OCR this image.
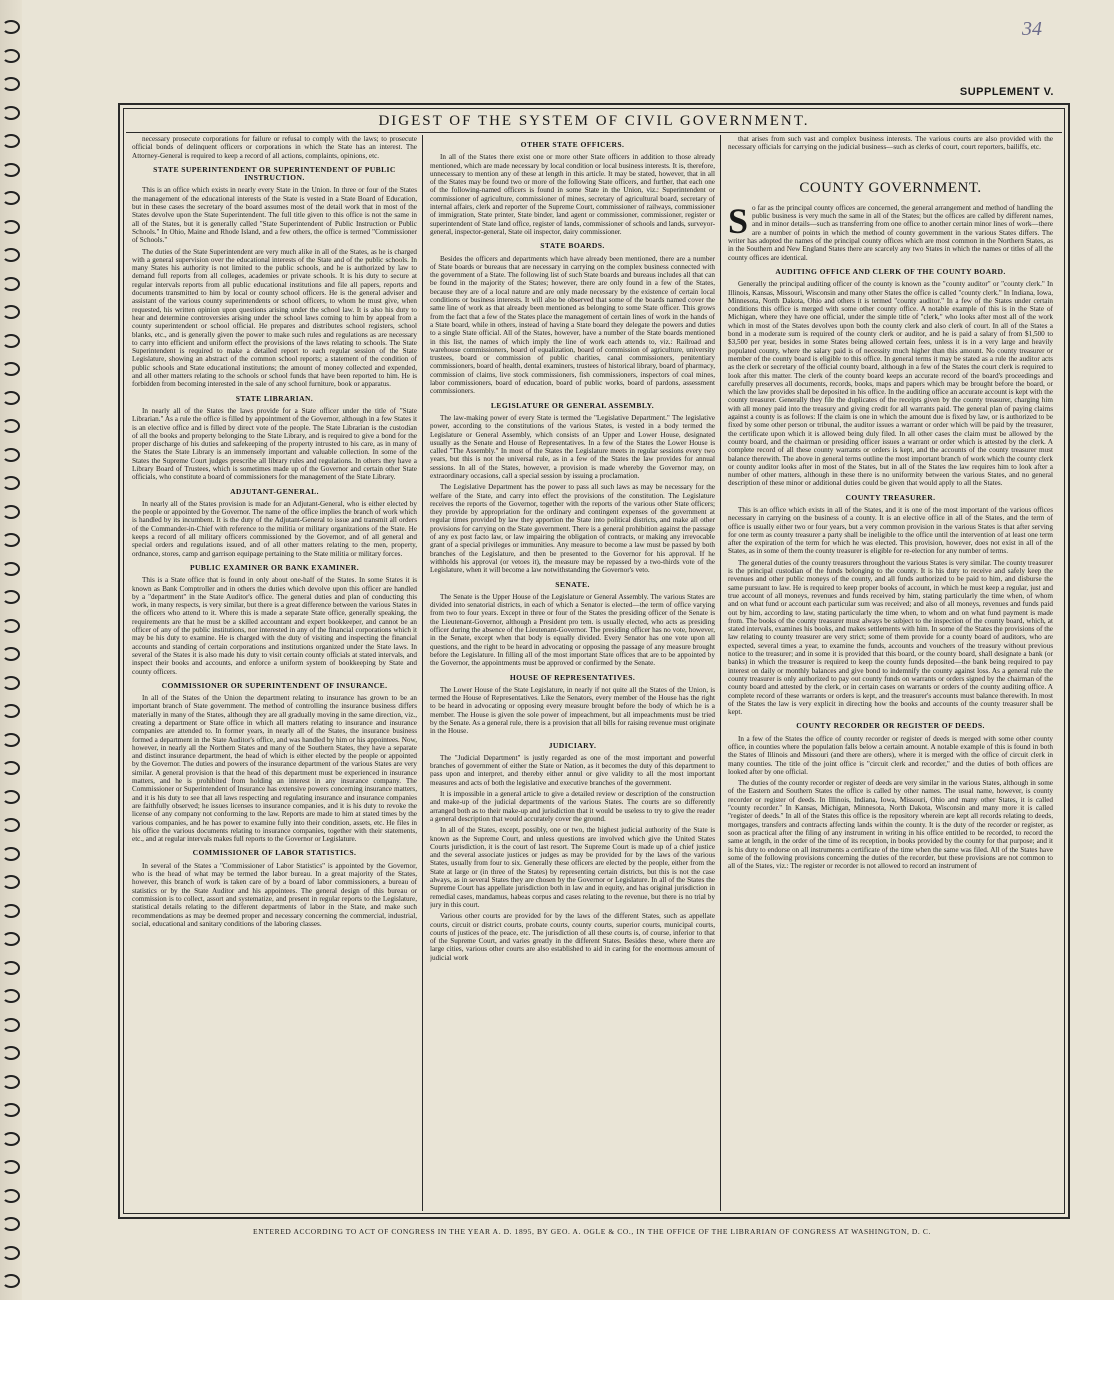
34
SUPPLEMENT V.
DIGEST OF THE SYSTEM OF CIVIL GOVERNMENT.

necessary prosecute corporations for failure or refusal to comply with the laws; to prosecute official bonds of delinquent officers or corporations in which the State has an interest. The Attorney-General is required to keep a record of all actions, complaints, opinions, etc.

STATE SUPERINTENDENT OR SUPERINTENDENT OF PUBLIC INSTRUCTION.

This is an office which exists in nearly every State in the Union. In three or four of the States the management of the educational interests of the State is vested in a State Board of Education, but in these cases the secretary of the board assumes most of the detail work that in most of the States devolve upon the State Superintendent. The full title given to this office is not the same in all of the States, but it is generally called "State Superintendent of Public Instruction or Public Schools." In Ohio, Maine and Rhode Island, and a few others, the office is termed "Commissioner of Schools."

The duties of the State Superintendent are very much alike in all of the States, as he is charged with a general supervision over the educational interests of the State and of the public schools. In many States his authority is not limited to the public schools, and he is authorized by law to demand full reports from all colleges, academies or private schools. It is his duty to secure at regular intervals reports from all public educational institutions and file all papers, reports and documents transmitted to him by local or county school officers. He is the general adviser and assistant of the various county superintendents or school officers, to whom he must give, when requested, his written opinion upon questions arising under the school law. It is also his duty to hear and determine controversies arising under the school laws coming to him by appeal from a county superintendent or school official. He prepares and distributes school registers, school blanks, etc., and is generally given the power to make such rules and regulations as are necessary to carry into efficient and uniform effect the provisions of the laws relating to schools. The State Superintendent is required to make a detailed report to each regular session of the State Legislature, showing an abstract of the common school reports; a statement of the condition of public schools and State educational institutions; the amount of money collected and expended, and all other matters relating to the schools or school funds that have been reported to him. He is forbidden from becoming interested in the sale of any school furniture, book or apparatus.

STATE LIBRARIAN.

In nearly all of the States the laws provide for a State officer under the title of "State Librarian." As a rule the office is filled by appointment of the Governor, although in a few States it is an elective office and is filled by direct vote of the people. The State Librarian is the custodian of all the books and property belonging to the State Library, and is required to give a bond for the proper discharge of his duties and safekeeping of the property intrusted to his care, as in many of the States the State Library is an immensely important and valuable collection. In some of the States the Supreme Court judges prescribe all library rules and regulations. In others they have a Library Board of Trustees, which is sometimes made up of the Governor and certain other State officials, who constitute a board of commissioners for the management of the State Library.

ADJUTANT-GENERAL.

In nearly all of the States provision is made for an Adjutant-General, who is either elected by the people or appointed by the Governor. The name of the office implies the branch of work which is handled by its incumbent. It is the duty of the Adjutant-General to issue and transmit all orders of the Commander-in-Chief with reference to the militia or military organizations of the State. He keeps a record of all military officers commissioned by the Governor, and of all general and special orders and regulations issued, and of all other matters relating to the men, property, ordnance, stores, camp and garrison equipage pertaining to the State militia or military forces.

PUBLIC EXAMINER OR BANK EXAMINER.

This is a State office that is found in only about one-half of the States. In some States it is known as Bank Comptroller and in others the duties which devolve upon this officer are handled by a "department" in the State Auditor's office. The general duties and plan of conducting this work, in many respects, is very similar, but there is a great difference between the various States in the officers who attend to it. Where this is made a separate State office, generally speaking, the requirements are that he must be a skilled accountant and expert bookkeeper, and cannot be an officer of any of the public institutions, nor interested in any of the financial corporations which it may be his duty to examine. He is charged with the duty of visiting and inspecting the financial accounts and standing of certain corporations and institutions organized under the State laws. In several of the States it is also made his duty to visit certain county officials at stated intervals, and inspect their books and accounts, and enforce a uniform system of bookkeeping by State and county officers.

COMMISSIONER OR SUPERINTENDENT OF INSURANCE.

In all of the States of the Union the department relating to insurance has grown to be an important branch of State government. The method of controlling the insurance business differs materially in many of the States, although they are all gradually moving in the same direction, viz., creating a department or State office in which all matters relating to insurance and insurance companies are attended to. In former years, in nearly all of the States, the insurance business formed a department in the State Auditor's office, and was handled by him or his appointees. Now, however, in nearly all the Northern States and many of the Southern States, they have a separate and distinct insurance department, the head of which is either elected by the people or appointed by the Governor. The duties and powers of the insurance department of the various States are very similar. A general provision is that the head of this department must be experienced in insurance matters, and he is prohibited from holding an interest in any insurance company. The Commissioner or Superintendent of Insurance has extensive powers concerning insurance matters, and it is his duty to see that all laws respecting and regulating insurance and insurance companies are faithfully observed; he issues licenses to insurance companies, and it is his duty to revoke the license of any company not conforming to the law. Reports are made to him at stated times by the various companies, and he has power to examine fully into their condition, assets, etc. He files in his office the various documents relating to insurance companies, together with their statements, etc., and at regular intervals makes full reports to the Governor or Legislature.

COMMISSIONER OF LABOR STATISTICS.

In several of the States a "Commissioner of Labor Statistics" is appointed by the Governor, who is the head of what may be termed the labor bureau. In a great majority of the States, however, this branch of work is taken care of by a board of labor commissioners, a bureau of statistics or by the State Auditor and his appointees. The general design of this bureau or commission is to collect, assort and systematize, and present in regular reports to the Legislature, statistical details relating to the different departments of labor in the State, and make such recommendations as may be deemed proper and necessary concerning the commercial, industrial, social, educational and sanitary conditions of the laboring classes.

OTHER STATE OFFICERS.

In all of the States there exist one or more other State officers in addition to those already mentioned, which are made necessary by local condition or local business interests. It is, therefore, unnecessary to mention any of these at length in this article. It may be stated, however, that in all of the States may be found two or more of the following State officers, and further, that each one of the following-named officers is found in some State in the Union, viz.: Superintendent or commissioner of agriculture, commissioner of mines, secretary of agricultural board, secretary of internal affairs, clerk and reporter of the Supreme Court, commissioner of railways, commissioner of immigration, State printer, State binder, land agent or commissioner, commissioner, register or superintendent of State land office, register of lands, commissioner of schools and lands, surveyor-general, inspector-general, State oil inspector, dairy commissioner.

STATE BOARDS.

Besides the officers and departments which have already been mentioned, there are a number of State boards or bureaus that are necessary in carrying on the complex business connected with the government of a State. The following list of such State boards and bureaus includes all that can be found in the majority of the States; however, there are only found in a few of the States, because they are of a local nature and are only made necessary by the existence of certain local conditions or business interests. It will also be observed that some of the boards named cover the same line of work as that already been mentioned as belonging to some State officer. This grows from the fact that a few of the States place the management of certain lines of work in the hands of a State board, while in others, instead of having a State board they delegate the powers and duties to a single State official. All of the States, however, have a number of the State boards mentioned in this list, the names of which imply the line of work each attends to, viz.: Railroad and warehouse commissioners, board of equalization, board of commission of agriculture, university trustees, board or commission of public charities, canal commissioners, penitentiary commissioners, board of health, dental examiners, trustees of historical library, board of pharmacy, commission of claims, live stock commissioners, fish commissioners, inspectors of coal mines, labor commissioners, board of education, board of public works, board of pardons, assessment commissioners.

LEGISLATURE OR GENERAL ASSEMBLY.

The law-making power of every State is termed the "Legislative Department." The legislative power, according to the constitutions of the various States, is vested in a body termed the Legislature or General Assembly, which consists of an Upper and Lower House, designated usually as the Senate and House of Representatives. In a few of the States the Lower House is called "The Assembly." In most of the States the Legislature meets in regular sessions every two years, but this is not the universal rule, as in a few of the States the law provides for annual sessions. In all of the States, however, a provision is made whereby the Governor may, on extraordinary occasions, call a special session by issuing a proclamation.

The Legislative Department has the power to pass all such laws as may be necessary for the welfare of the State, and carry into effect the provisions of the constitution. The Legislature receives the reports of the Governor, together with the reports of the various other State officers; they provide by appropriation for the ordinary and contingent expenses of the government at regular times provided by law they apportion the State into political districts, and make all other provisions for carrying on the State government. There is a general prohibition against the passage of any ex post facto law, or law impairing the obligation of contracts, or making any irrevocable grant of a special privileges or immunities. Any measure to become a law must be passed by both branches of the Legislature, and then be presented to the Governor for his approval. If he withholds his approval (or vetoes it), the measure may be repassed by a two-thirds vote of the Legislature, when it will become a law notwithstanding the Governor's veto.

SENATE.

The Senate is the Upper House of the Legislature or General Assembly. The various States are divided into senatorial districts, in each of which a Senator is elected—the term of office varying from two to four years. Except in three or four of the States the presiding officer of the Senate is the Lieutenant-Governor, although a President pro tem. is usually elected, who acts as presiding officer during the absence of the Lieutenant-Governor. The presiding officer has no vote, however, in the Senate, except when that body is equally divided. Every Senator has one vote upon all questions, and the right to be heard in advocating or opposing the passage of any measure brought before the Legislature. In filling all of the most important State offices that are to be appointed by the Governor, the appointments must be approved or confirmed by the Senate.

HOUSE OF REPRESENTATIVES.

The Lower House of the State Legislature, in nearly if not quite all the States of the Union, is termed the House of Representatives. Like the Senators, every member of the House has the right to be heard in advocating or opposing every measure brought before the body of which he is a member. The House is given the sole power of impeachment, but all impeachments must be tried by the Senate. As a general rule, there is a provision that all bills for raising revenue must originate in the House.

JUDICIARY.

The "Judicial Department" is justly regarded as one of the most important and powerful branches of government of either the State or Nation, as it becomes the duty of this department to pass upon and interpret, and thereby either annul or give validity to all the most important measures and acts of both the legislative and executive branches of the government.

It is impossible in a general article to give a detailed review or description of the construction and make-up of the judicial departments of the various States. The courts are so differently arranged both as to their make-up and jurisdiction that it would be useless to try to give the reader a general description that would accurately cover the ground.

In all of the States, except, possibly, one or two, the highest judicial authority of the State is known as the Supreme Court, and unless questions are involved which give the United States Courts jurisdiction, it is the court of last resort. The Supreme Court is made up of a chief justice and the several associate justices or judges as may be provided for by the laws of the various States, usually from four to six. Generally these officers are elected by the people, either from the State at large or (in three of the States) by representing certain districts, but this is not the case always, as in several States they are chosen by the Governor or Legislature. In all of the States the Supreme Court has appellate jurisdiction both in law and in equity, and has original jurisdiction in remedial cases, mandamus, habeas corpus and cases relating to the revenue, but there is no trial by jury in this court.

Various other courts are provided for by the laws of the different States, such as appellate courts, circuit or district courts, probate courts, county courts, superior courts, municipal courts, courts of justices of the peace, etc. The jurisdiction of all these courts is, of course, inferior to that of the Supreme Court, and varies greatly in the different States. Besides these, where there are large cities, various other courts are also established to aid in caring for the enormous amount of judicial work

that arises from such vast and complex business interests. The various courts are also provided with the necessary officials for carrying on the judicial business—such as clerks of court, court reporters, bailiffs, etc.

COUNTY GOVERNMENT.

So far as the principal county offices are concerned, the general arrangement and method of handling the public business is very much the same in all of the States; but the offices are called by different names, and in minor details—such as transferring from one office to another certain minor lines of work—there are a number of points in which the method of county government in the various States differs. The writer has adopted the names of the principal county offices which are most common in the Northern States, as in the Southern and New England States there are scarcely any two States in which the names or titles of all the county offices are identical.

AUDITING OFFICE AND CLERK OF THE COUNTY BOARD.

Generally the principal auditing officer of the county is known as the "county auditor" or "county clerk." In Illinois, Kansas, Missouri, Wisconsin and many other States the office is called "county clerk." In Indiana, Iowa, Minnesota, North Dakota, Ohio and others it is termed "county auditor." In a few of the States under certain conditions this office is merged with some other county office. A notable example of this is in the State of Michigan, where they have one official, under the simple title of "clerk," who looks after most all of the work which in most of the States devolves upon both the county clerk and also clerk of court. In all of the States a bond in a moderate sum is required of the county clerk or auditor, and he is paid a salary of from $1,500 to $3,500 per year, besides in some States being allowed certain fees, unless it is in a very large and heavily populated county, where the salary paid is of necessity much higher than this amount. No county treasurer or member of the county board is eligible to this office. In general terms it may be stated as a rule the auditor acts as the clerk or secretary of the official county board, although in a few of the States the court clerk is required to look after this matter. The clerk of the county board keeps an accurate record of the board's proceedings and carefully preserves all documents, records, books, maps and papers which may be brought before the board, or which the law provides shall be deposited in his office. In the auditing office an accurate account is kept with the county treasurer. Generally they file the duplicates of the receipts given by the county treasurer, charging him with all money paid into the treasury and giving credit for all warrants paid. The general plan of paying claims against a county is as follows: If the claim is one in which the amount due is fixed by law, or is authorized to be fixed by some other person or tribunal, the auditor issues a warrant or order which will be paid by the treasurer, the certificate upon which it is allowed being duly filed. In all other cases the claim must be allowed by the county board, and the chairman or presiding officer issues a warrant or order which is attested by the clerk. A complete record of all these county warrants or orders is kept, and the accounts of the county treasurer must balance therewith. The above in general terms outline the most important branch of work which the county clerk or county auditor looks after in most of the States, but in all of the States the law requires him to look after a number of other matters, although in these there is no uniformity between the various States, and no general description of these minor or additional duties could be given that would apply to all the States.

COUNTY TREASURER.

This is an office which exists in all of the States, and it is one of the most important of the various offices necessary in carrying on the business of a county. It is an elective office in all of the States, and the term of office is usually either two or four years, but a very common provision in the various States is that after serving for one term as county treasurer a party shall be ineligible to the office until the intervention of at least one term after the expiration of the term for which he was elected. This provision, however, does not exist in all of the States, as in some of them the county treasurer is eligible for re-election for any number of terms.

The general duties of the county treasurers throughout the various States is very similar. The county treasurer is the principal custodian of the funds belonging to the county. It is his duty to receive and safely keep the revenues and other public moneys of the county, and all funds authorized to be paid to him, and disburse the same pursuant to law. He is required to keep proper books of account, in which he must keep a regular, just and true account of all moneys, revenues and funds received by him, stating particularly the time when, of whom and on what fund or account each particular sum was received; and also of all moneys, revenues and funds paid out by him, according to law, stating particularly the time when, to whom and on what fund payment is made from. The books of the county treasurer must always be subject to the inspection of the county board, which, at stated intervals, examines his books, and makes settlements with him. In some of the States the provisions of the law relating to county treasurer are very strict; some of them provide for a county board of auditors, who are expected, several times a year, to examine the funds, accounts and vouchers of the treasury without previous notice to the treasurer; and in some it is provided that this board, or the county board, shall designate a bank (or banks) in which the treasurer is required to keep the county funds deposited—the bank being required to pay interest on daily or monthly balances and give bond to indemnify the county against loss. As a general rule the county treasurer is only authorized to pay out county funds on warrants or orders signed by the chairman of the county board and attested by the clerk, or in certain cases on warrants or orders of the county auditing office. A complete record of these warrants or orders is kept, and the treasurer's accounts must balance therewith. In most of the States the law is very explicit in directing how the books and accounts of the county treasurer shall be kept.

COUNTY RECORDER OR REGISTER OF DEEDS.

In a few of the States the office of county recorder or register of deeds is merged with some other county office, in counties where the population falls below a certain amount. A notable example of this is found in both the States of Illinois and Missouri (and there are others), where it is merged with the office of circuit clerk in many counties. The title of the joint office is "circuit clerk and recorder," and the duties of both offices are looked after by one official.

The duties of the county recorder or register of deeds are very similar in the various States, although in some of the Eastern and Southern States the office is called by other names. The usual name, however, is county recorder or register of deeds. In Illinois, Indiana, Iowa, Missouri, Ohio and many other States, it is called "county recorder." In Kansas, Michigan, Minnesota, North Dakota, Wisconsin and many more it is called "register of deeds." In all of the States this office is the repository wherein are kept all records relating to deeds, mortgages, transfers and contracts affecting lands within the county. It is the duty of the recorder or register, as soon as practical after the filing of any instrument in writing in his office entitled to be recorded, to record the same at length, in the order of the time of its reception, in books provided by the county for that purpose; and it is his duty to endorse on all instruments a certificate of the time when the same was filed. All of the States have some of the following provisions concerning the duties of the recorder, but these provisions are not common to all of the States, viz.: The register or recorder is not allowed to record an instrument of

ENTERED ACCORDING TO ACT OF CONGRESS IN THE YEAR A. D. 1895, BY GEO. A. OGLE & CO., IN THE OFFICE OF THE LIBRARIAN OF CONGRESS AT WASHINGTON, D. C.
